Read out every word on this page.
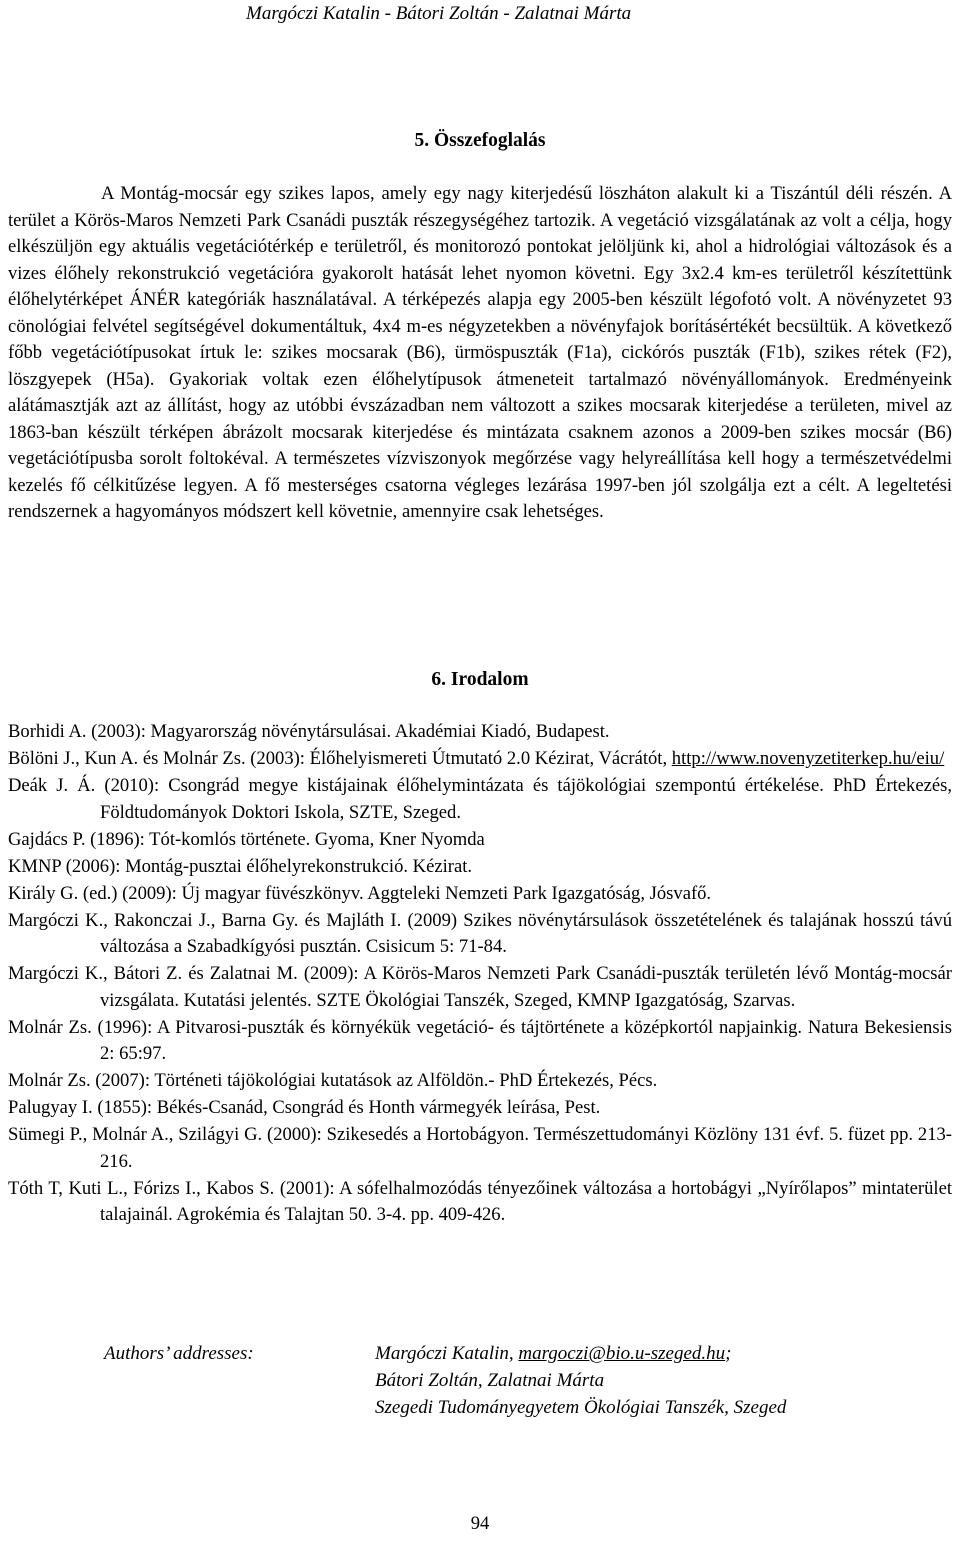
Margóczi Katalin - Bátori Zoltán - Zalatnai Márta
5. Összefoglalás

A Montág-mocsár egy szikes lapos, amely egy nagy kiterjedésű löszháton alakult ki a Tiszántúl déli részén. A terület a Körös-Maros Nemzeti Park Csanádi puszták részegységéhez tartozik. A vegetáció vizsgálatának az volt a célja, hogy elkészüljön egy aktuális vegetációtérkép e területről, és monitorozó pontokat jelöljünk ki, ahol a hidrológiai változások és a vizes élőhely rekonstrukció vegetációra gyakorolt hatását lehet nyomon követni. Egy 3x2.4 km-es területről készítettünk élőhelytérképet ÁNÉR kategóriák használatával. A térképezés alapja egy 2005-ben készült légofotó volt. A növényzetet 93 cönológiai felvétel segítségével dokumentáltuk, 4x4 m-es négyzetekben a növényfajok borításértékét becsültük. A következő főbb vegetációtípusokat írtuk le: szikes mocsarak (B6), ürmöspuszták (F1a), cickórós puszták (F1b), szikes rétek (F2), löszgyepek (H5a). Gyakoriak voltak ezen élőhelytípusok átmeneteit tartalmazó növényállományok. Eredményeink alátámasztják azt az állítást, hogy az utóbbi évszázadban nem változott a szikes mocsarak kiterjedése a területen, mivel az 1863-ban készült térképen ábrázolt mocsarak kiterjedése és mintázata csaknem azonos a 2009-ben szikes mocsár (B6) vegetációtípusba sorolt foltokéval. A természetes vízviszonyok megőrzése vagy helyreállítása kell hogy a természetvédelmi kezelés fő célkitűzése legyen. A fő mesterséges csatorna végleges lezárása 1997-ben jól szolgálja ezt a célt. A legeltetési rendszernek a hagyományos módszert kell követnie, amennyire csak lehetséges.

6. Irodalom
Borhidi A. (2003): Magyarország növénytársulásai. Akadémiai Kiadó, Budapest.
Bölöni J., Kun A. és Molnár Zs. (2003): Élőhelyismereti Útmutató 2.0 Kézirat, Vácrátót, http://www.novenyzetiterkep.hu/eiu/
Deák J. Á. (2010): Csongrád megye kistájainak élőhelymintázata és tájökológiai szempontú értékelése. PhD Értekezés, Földtudományok Doktori Iskola, SZTE, Szeged.
Gajdács P. (1896): Tót-komlós története. Gyoma, Kner Nyomda
KMNP (2006): Montág-pusztai élőhelyrekonstrukció. Kézirat.
Király G. (ed.) (2009): Új magyar füvészkönyv. Aggteleki Nemzeti Park Igazgatóság, Jósvafő.
Margóczi K., Rakonczai J., Barna Gy. és Majláth I. (2009) Szikes növénytársulások összetételének és talajának hosszú távú változása a Szabadkígyósi pusztán. Csisicum 5: 71-84.
Margóczi K., Bátori Z. és Zalatnai M. (2009): A Körös-Maros Nemzeti Park Csanádi-puszták területén lévő Montág-mocsár vizsgálata. Kutatási jelentés. SZTE Ökológiai Tanszék, Szeged, KMNP Igazgatóság, Szarvas.
Molnár Zs. (1996): A Pitvarosi-puszták és környékük vegetáció- és tájtörténete a középkortól napjainkig. Natura Bekesiensis 2: 65:97.
Molnár Zs. (2007): Történeti tájökológiai kutatások az Alföldön.- PhD Értekezés, Pécs.
Palugyay I. (1855): Békés-Csanád, Csongrád és Honth vármegyék leírása, Pest.
Sümegi P., Molnár A., Szilágyi G. (2000): Szikesedés a Hortobágyon. Természettudományi Közlöny 131 évf. 5. füzet pp. 213-216.
Tóth T, Kuti L., Fórizs I., Kabos S. (2001): A sófelhalmozódás tényezőinek változása a hortobágyi „Nyírőlapos” mintaterület talajainál. Agrokémia és Talajtan 50. 3-4. pp. 409-426.
Authors’ addresses:	Margóczi Katalin, margoczi@bio.u-szeged.hu;
Bátori Zoltán, Zalatnai Márta
Szegedi Tudományegyetem Ökológiai Tanszék, Szeged
94
